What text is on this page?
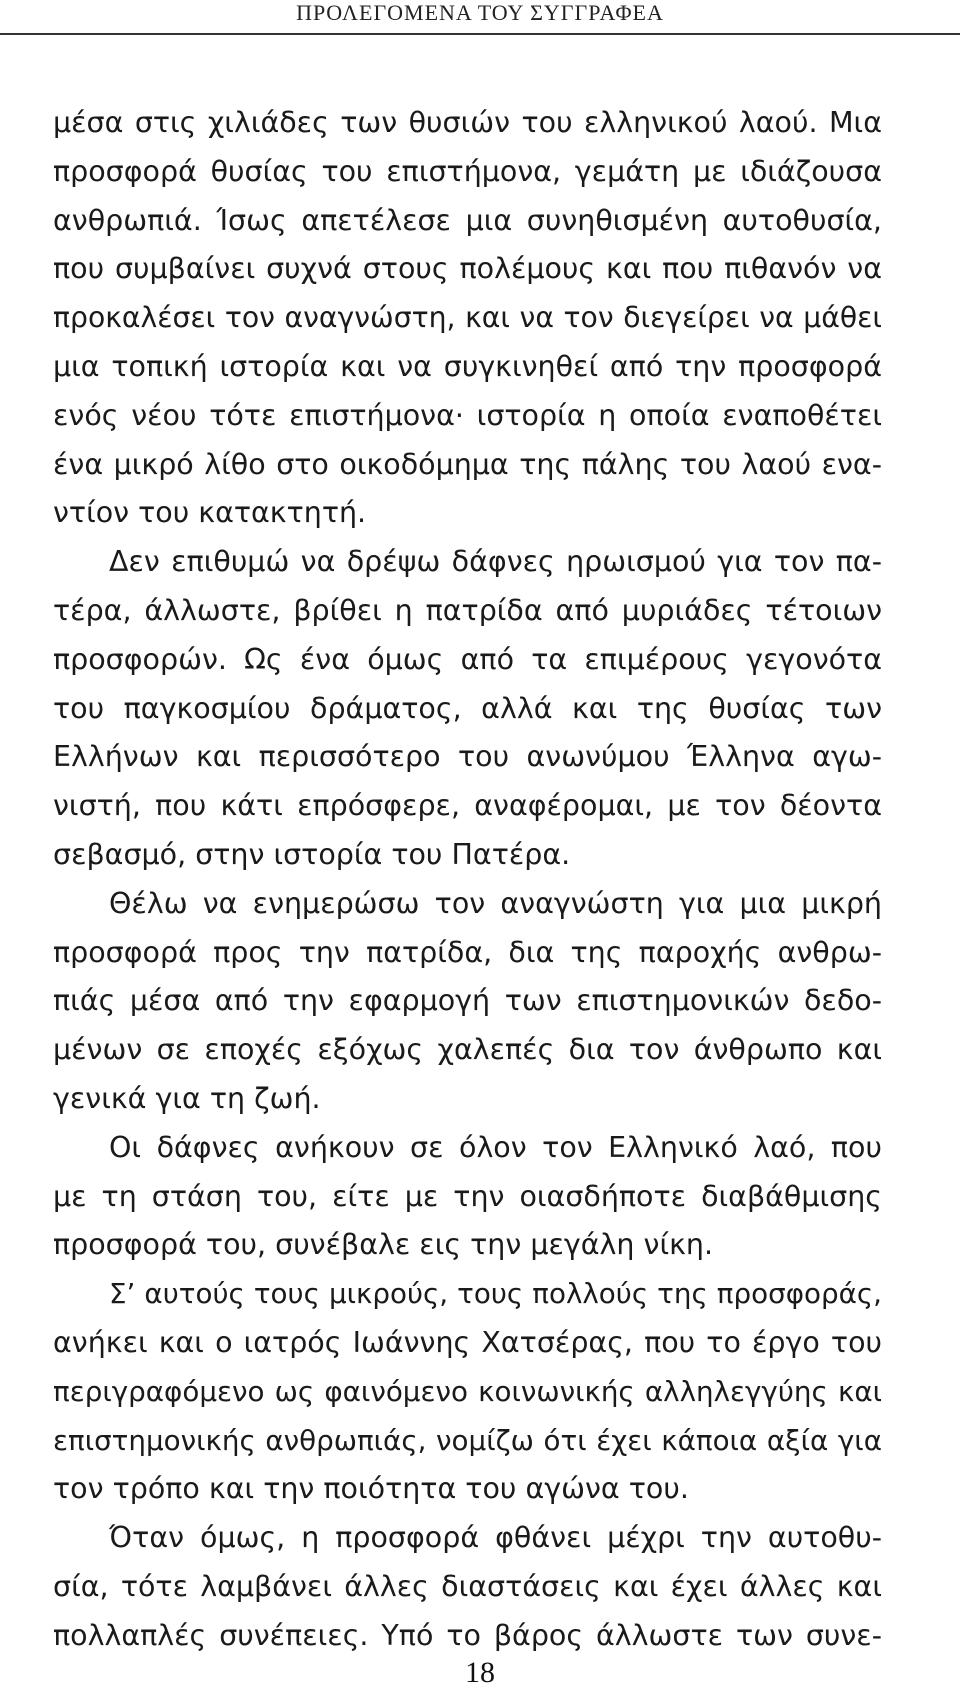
ΠΡΟΛΕΓΟΜΕΝΑ ΤΟΥ ΣΥΓΓΡΑΦΕΑ
μέσα στις χιλιάδες των θυσιών του ελληνικού λαού. Μια
προσφορά θυσίας του επιστήμονα, γεμάτη με ιδιάζουσα
ανθρωπιά. Ίσως απετέλεσε μια συνηθισμένη αυτοθυσία,
που συμβαίνει συχνά στους πολέμους και που πιθανόν να
προκαλέσει τον αναγνώστη, και να τον διεγείρει να μάθει
μια τοπική ιστορία και να συγκινηθεί από την προσφορά
ενός νέου τότε επιστήμονα· ιστορία η οποία εναποθέτει
ένα μικρό λίθο στο οικοδόμημα της πάλης του λαού ενα-
ντίον του κατακτητή.
Δεν επιθυμώ να δρέψω δάφνες ηρωισμού για τον πα-
τέρα, άλλωστε, βρίθει η πατρίδα από μυριάδες τέτοιων
προσφορών. Ως ένα όμως από τα επιμέρους γεγονότα
του παγκοσμίου δράματος, αλλά και της θυσίας των
Ελλήνων και περισσότερο του ανωνύμου Έλληνα αγω-
νιστή, που κάτι επρόσφερε, αναφέρομαι, με τον δέοντα
σεβασμό, στην ιστορία του Πατέρα.
Θέλω να ενημερώσω τον αναγνώστη για μια μικρή
προσφορά προς την πατρίδα, δια της παροχής ανθρω-
πιάς μέσα από την εφαρμογή των επιστημονικών δεδο-
μένων σε εποχές εξόχως χαλεπές δια τον άνθρωπο και
γενικά για τη ζωή.
Οι δάφνες ανήκουν σε όλον τον Ελληνικό λαό, που
με τη στάση του, είτε με την οιασδήποτε διαβάθμισης
προσφορά του, συνέβαλε εις την μεγάλη νίκη.
Σ’ αυτούς τους μικρούς, τους πολλούς της προσφοράς,
ανήκει και ο ιατρός Ιωάννης Χατσέρας, που το έργο του
περιγραφόμενο ως φαινόμενο κοινωνικής αλληλεγγύης και
επιστημονικής ανθρωπιάς, νομίζω ότι έχει κάποια αξία για
τον τρόπο και την ποιότητα του αγώνα του.
Όταν όμως, η προσφορά φθάνει μέχρι την αυτοθυ-
σία, τότε λαμβάνει άλλες διαστάσεις και έχει άλλες και
πολλαπλές συνέπειες. Υπό το βάρος άλλωστε των συνε-
18
